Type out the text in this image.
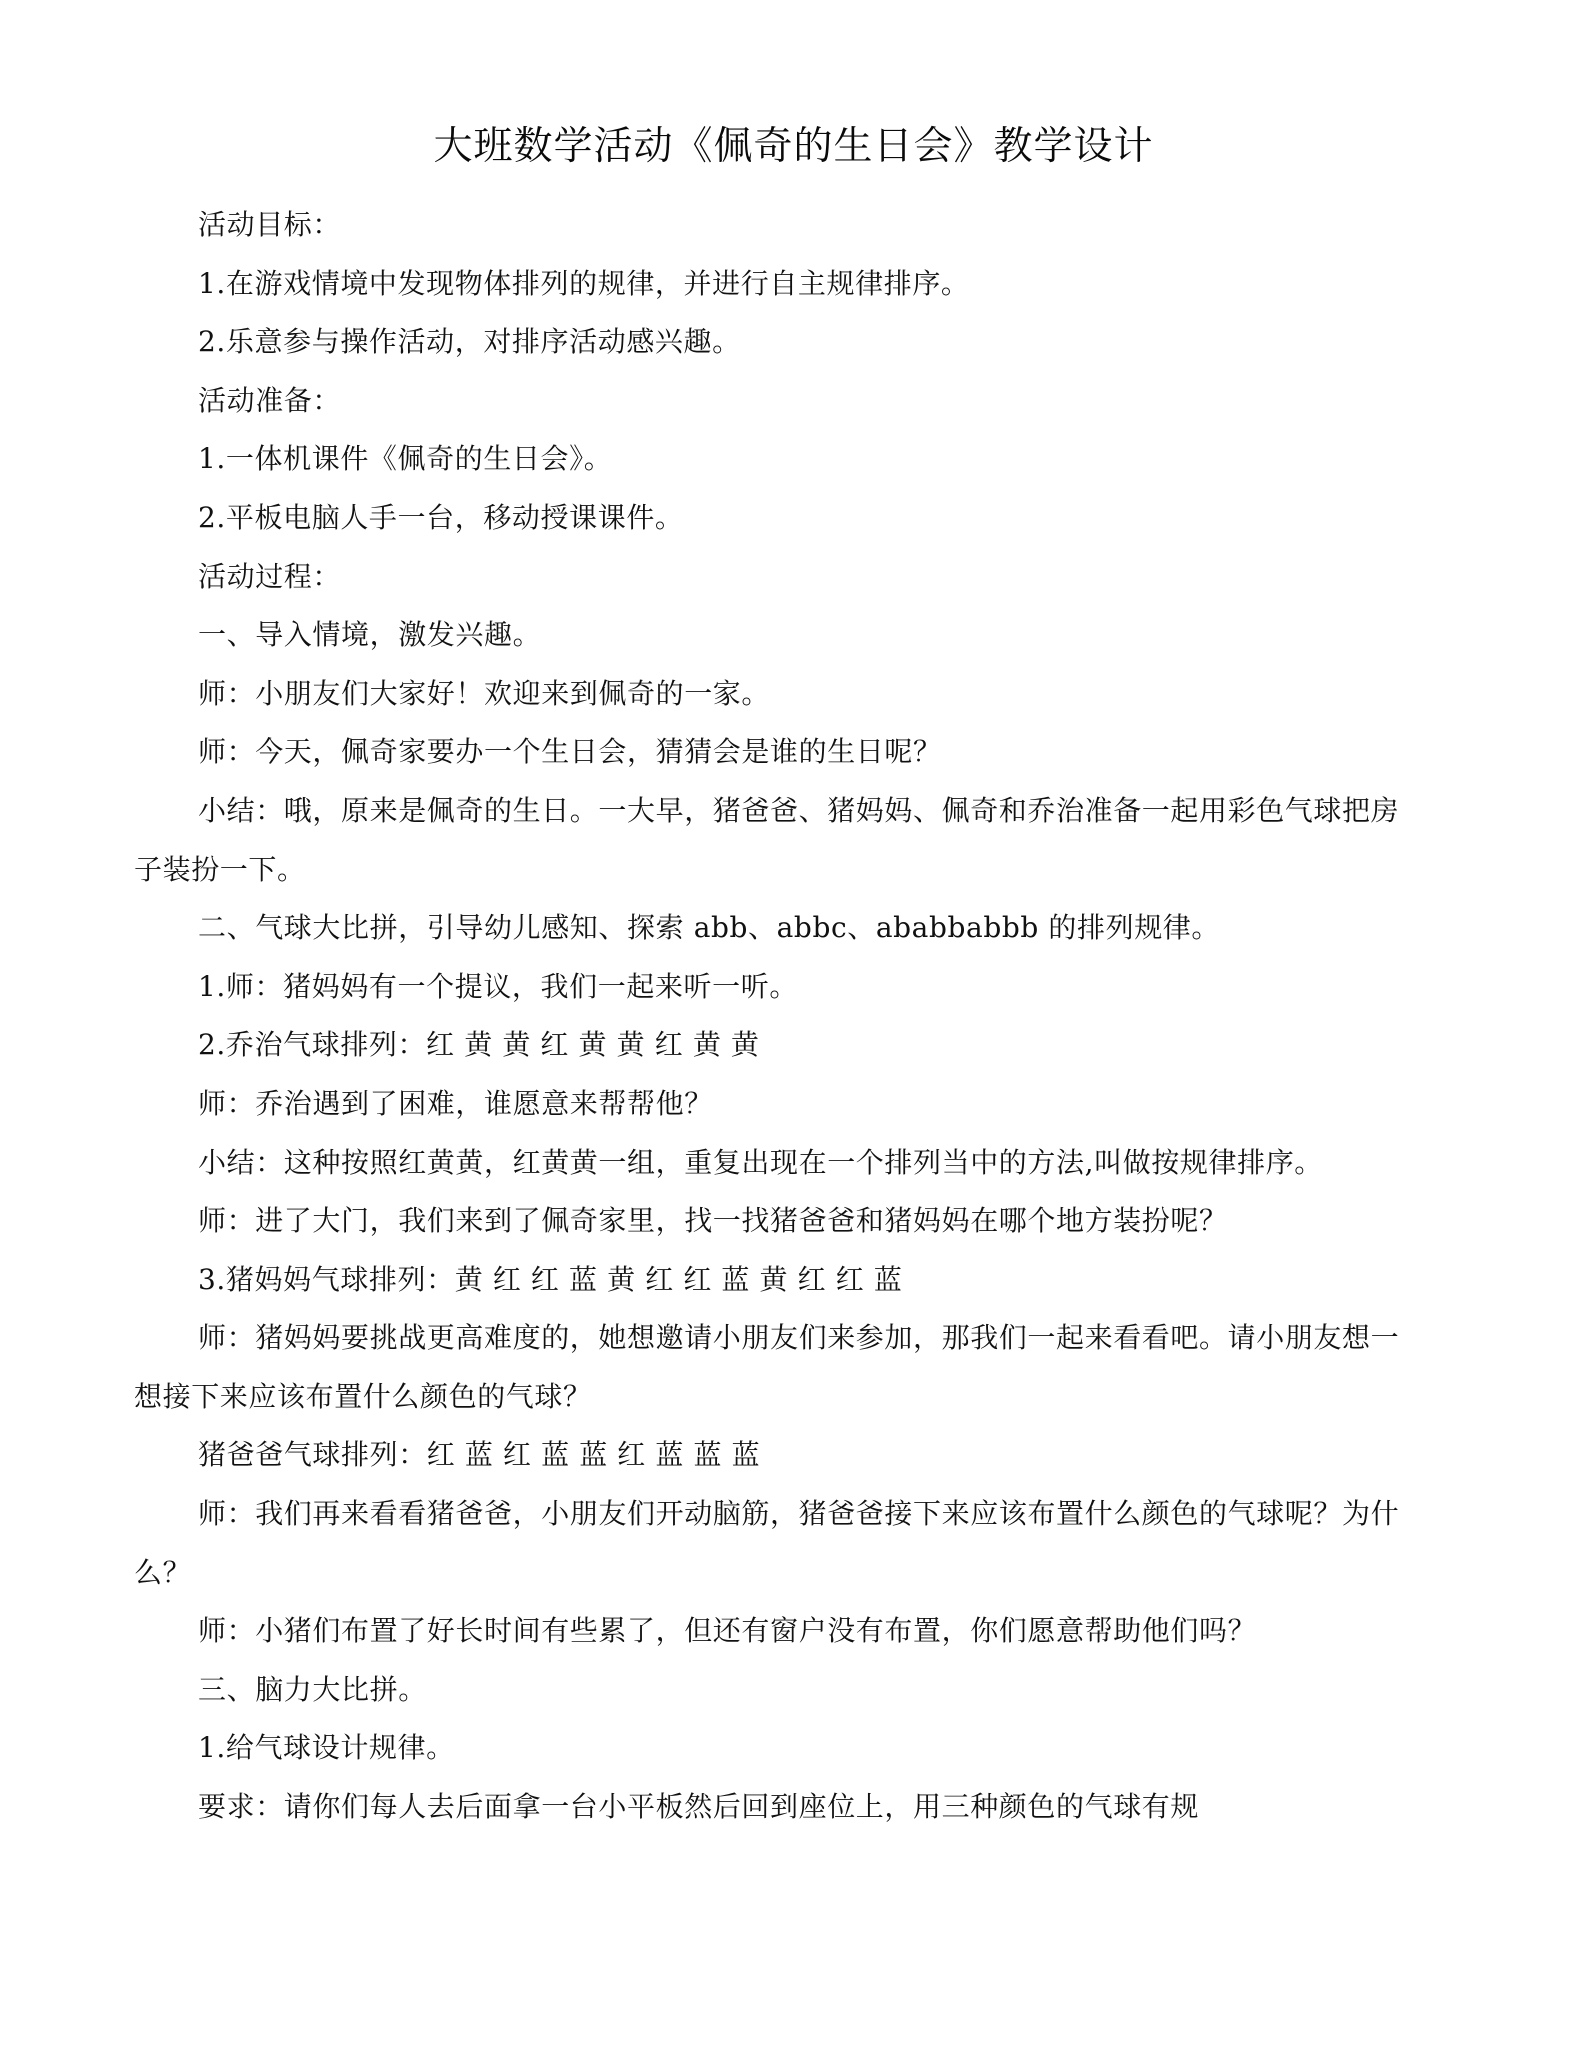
大班数学活动《佩奇的生日会》教学设计

活动目标：

1.在游戏情境中发现物体排列的规律，并进行自主规律排序。

2.乐意参与操作活动，对排序活动感兴趣。

活动准备：

1.一体机课件《佩奇的生日会》。

2.平板电脑人手一台，移动授课课件。

活动过程：

一、导入情境，激发兴趣。

师：小朋友们大家好！欢迎来到佩奇的一家。

师：今天，佩奇家要办一个生日会，猜猜会是谁的生日呢？

小结：哦，原来是佩奇的生日。一大早，猪爸爸、猪妈妈、佩奇和乔治准备一起用彩色气球把房子装扮一下。

二、气球大比拼，引导幼儿感知、探索 abb、abbc、ababbabbb 的排列规律。

1.师：猪妈妈有一个提议，我们一起来听一听。

2.乔治气球排列：红 黄 黄 红 黄 黄 红 黄 黄

师：乔治遇到了困难，谁愿意来帮帮他？

小结：这种按照红黄黄，红黄黄一组，重复出现在一个排列当中的方法,叫做按规律排序。

师：进了大门，我们来到了佩奇家里，找一找猪爸爸和猪妈妈在哪个地方装扮呢？

3.猪妈妈气球排列：黄 红 红 蓝 黄 红 红 蓝 黄 红 红 蓝

师：猪妈妈要挑战更高难度的，她想邀请小朋友们来参加，那我们一起来看看吧。请小朋友想一想接下来应该布置什么颜色的气球？

猪爸爸气球排列：红 蓝 红 蓝 蓝 红 蓝 蓝 蓝

师：我们再来看看猪爸爸，小朋友们开动脑筋，猪爸爸接下来应该布置什么颜色的气球呢？为什么？

师：小猪们布置了好长时间有些累了，但还有窗户没有布置，你们愿意帮助他们吗？

三、脑力大比拼。

1.给气球设计规律。

要求：请你们每人去后面拿一台小平板然后回到座位上，用三种颜色的气球有规
